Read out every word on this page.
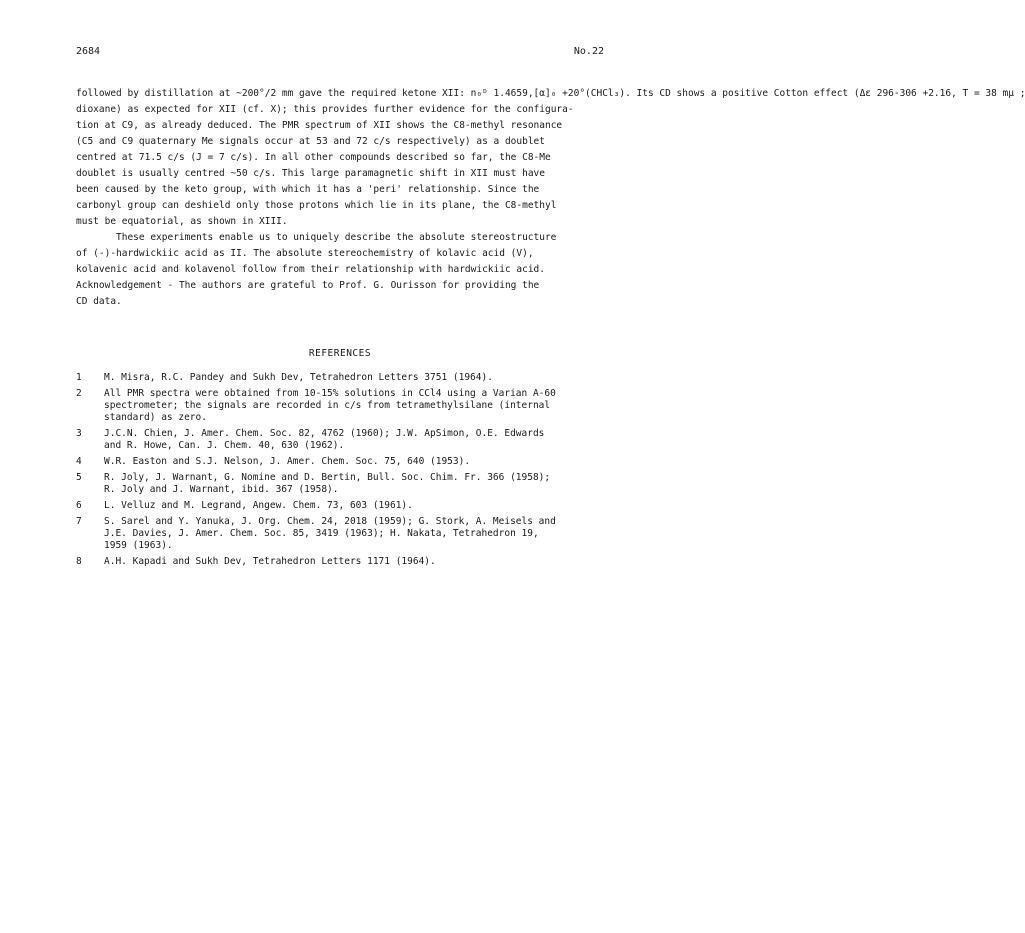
2684	No.22
followed by distillation at ~200°/2 mm gave the required ketone XII: n₀ᴰ 1.4659,[α]₀ +20°(CHCl₃). Its CD shows a positive Cotton effect (Δε 296-306 +2.16, T = 38 mμ ;
dioxane) as expected for XII (cf. X); this provides further evidence for the configura-
tion at C9, as already deduced. The PMR spectrum of XII shows the C8-methyl resonance
(C5 and C9 quaternary Me signals occur at 53 and 72 c/s respectively) as a doublet
centred at 71.5 c/s (J = 7 c/s). In all other compounds described so far, the C8-Me
doublet is usually centred ~50 c/s. This large paramagnetic shift in XII must have
been caused by the keto group, with which it has a 'peri' relationship. Since the
carbonyl group can deshield only those protons which lie in its plane, the C8-methyl
must be equatorial, as shown in XIII.
These experiments enable us to uniquely describe the absolute stereostructure
of (-)-hardwickiic acid as II. The absolute stereochemistry of kolavic acid (V),
kolavenic acid and kolavenol follow from their relationship with hardwickiic acid.
Acknowledgement - The authors are grateful to Prof. G. Ourisson for providing the
CD data.
REFERENCES
1	M. Misra, R.C. Pandey and Sukh Dev, Tetrahedron Letters 3751 (1964).
2	All PMR spectra were obtained from 10-15% solutions in CCl4 using a Varian A-60
spectrometer; the signals are recorded in c/s from tetramethylsilane (internal
standard) as zero.
3	J.C.N. Chien, J. Amer. Chem. Soc. 82, 4762 (1960); J.W. ApSimon, O.E. Edwards
and R. Howe, Can. J. Chem. 40, 630 (1962).
4	W.R. Easton and S.J. Nelson, J. Amer. Chem. Soc. 75, 640 (1953).
5	R. Joly, J. Warnant, G. Nomine and D. Bertin, Bull. Soc. Chim. Fr. 366 (1958);
R. Joly and J. Warnant, ibid. 367 (1958).
6	L. Velluz and M. Legrand, Angew. Chem. 73, 603 (1961).
7	S. Sarel and Y. Yanuka, J. Org. Chem. 24, 2018 (1959); G. Stork, A. Meisels and
J.E. Davies, J. Amer. Chem. Soc. 85, 3419 (1963); H. Nakata, Tetrahedron 19,
1959 (1963).
8	A.H. Kapadi and Sukh Dev, Tetrahedron Letters 1171 (1964).
